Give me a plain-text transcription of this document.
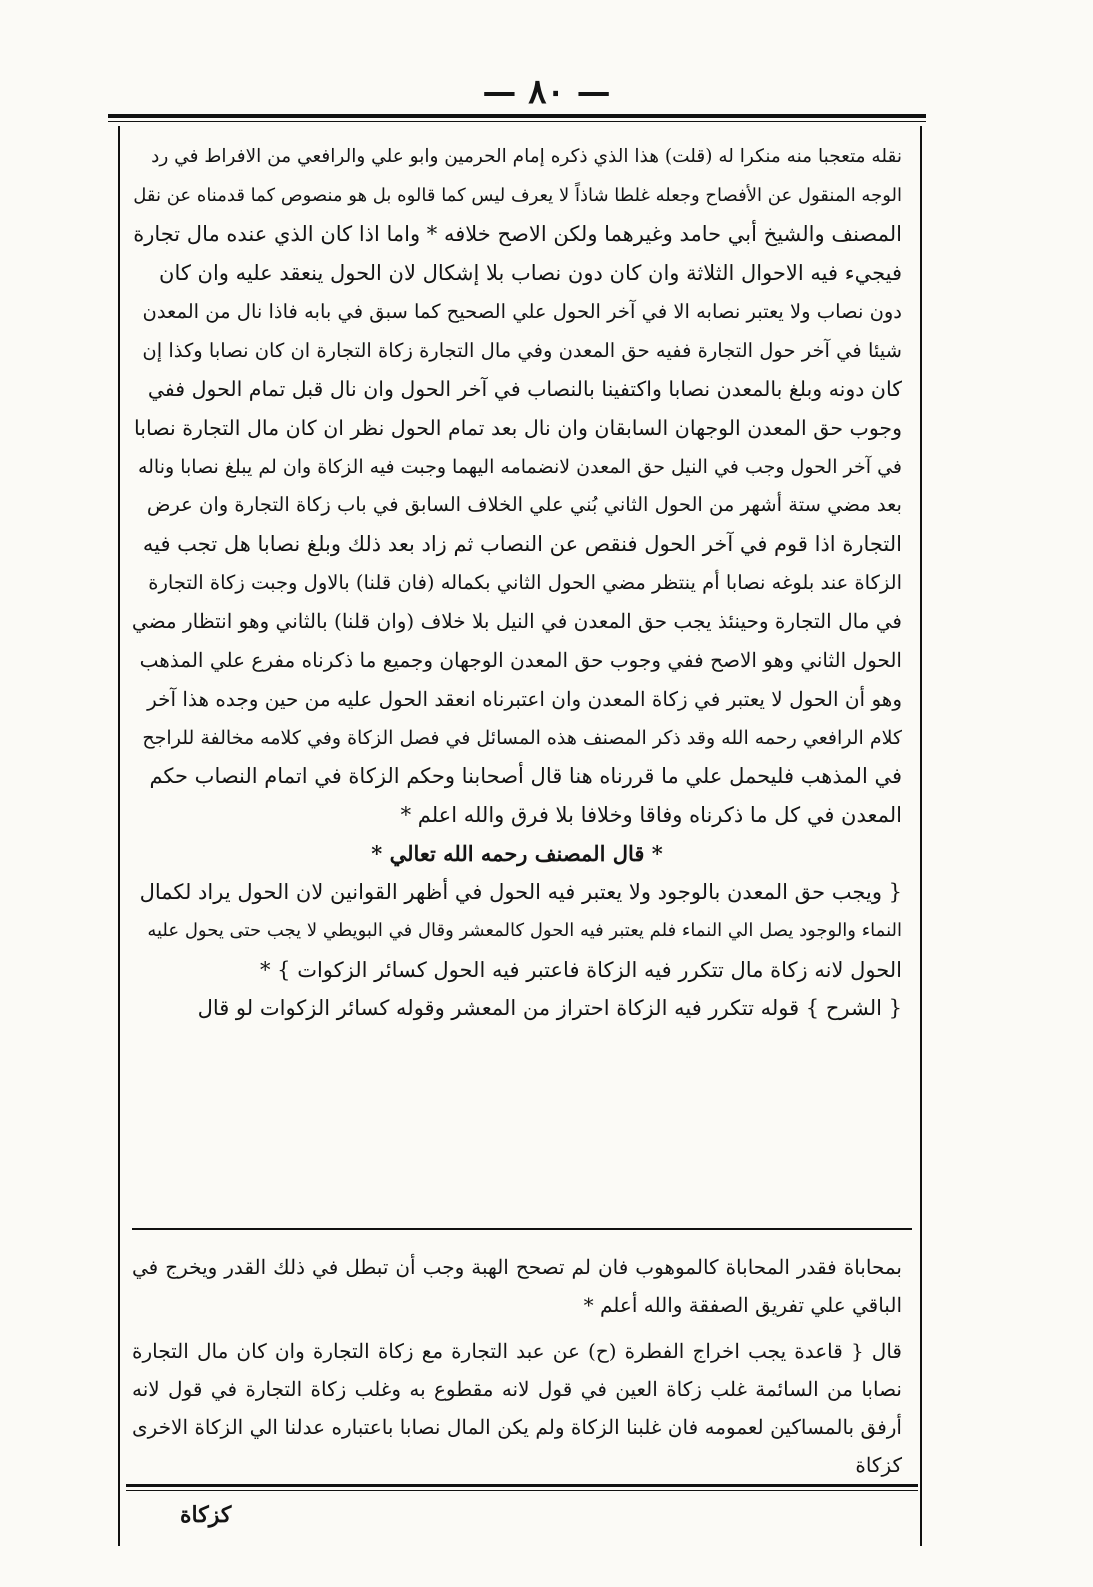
— ٨٠ —
نقله متعجبا منه منكرا له (قلت) هذا الذي ذكره إمام الحرمين وابو علي والرافعي من الافراط في رد
الوجه المنقول عن الأفصاح وجعله غلطا شاذاً لا يعرف ليس كما قالوه بل هو منصوص كما قدمناه عن نقل
المصنف والشيخ أبي حامد وغيرهما ولكن الاصح خلافه * واما اذا كان الذي عنده مال تجارة
فيجيء فيه الاحوال الثلاثة وان كان دون نصاب بلا إشكال لان الحول ينعقد عليه وان كان
دون نصاب ولا يعتبر نصابه الا في آخر الحول علي الصحيح كما سبق في بابه فاذا نال من المعدن
شيئا في آخر حول التجارة ففيه حق المعدن وفي مال التجارة زكاة التجارة ان كان نصابا وكذا إن
كان دونه وبلغ بالمعدن نصابا واكتفينا بالنصاب في آخر الحول وان نال قبل تمام الحول ففي
وجوب حق المعدن الوجهان السابقان وان نال بعد تمام الحول نظر ان كان مال التجارة نصابا
في آخر الحول وجب في النيل حق المعدن لانضمامه اليهما وجبت فيه الزكاة وان لم يبلغ نصابا وناله
بعد مضي ستة أشهر من الحول الثاني بُني علي الخلاف السابق في باب زكاة التجارة وان عرض
التجارة اذا قوم في آخر الحول فنقص عن النصاب ثم زاد بعد ذلك وبلغ نصابا هل تجب فيه
الزكاة عند بلوغه نصابا أم ينتظر مضي الحول الثاني بكماله (فان قلنا) بالاول وجبت زكاة التجارة
في مال التجارة وحينئذ يجب حق المعدن في النيل بلا خلاف (وان قلنا) بالثاني وهو انتظار مضي
الحول الثاني وهو الاصح ففي وجوب حق المعدن الوجهان وجميع ما ذكرناه مفرع علي المذهب
وهو أن الحول لا يعتبر في زكاة المعدن وان اعتبرناه انعقد الحول عليه من حين وجده هذا آخر
كلام الرافعي رحمه الله وقد ذكر المصنف هذه المسائل في فصل الزكاة وفي كلامه مخالفة للراجح
في المذهب فليحمل علي ما قررناه هنا قال أصحابنا وحكم الزكاة في اتمام النصاب حكم
المعدن في كل ما ذكرناه وفاقا وخلافا بلا فرق والله اعلم *

* قال المصنف رحمه الله تعالي *

{ ويجب حق المعدن بالوجود ولا يعتبر فيه الحول في أظهر القوانين لان الحول يراد لكمال
النماء والوجود يصل الي النماء فلم يعتبر فيه الحول كالمعشر وقال في البويطي لا يجب حتى يحول عليه
الحول لانه زكاة مال تتكرر فيه الزكاة فاعتبر فيه الحول كسائر الزكوات } *
{ الشرح } قوله تتكرر فيه الزكاة احتراز من المعشر وقوله كسائر الزكوات لو قال

بمحاباة فقدر المحاباة كالموهوب فان لم تصحح الهبة وجب أن تبطل في ذلك القدر ويخرج في الباقي علي تفريق الصفقة والله أعلم *

قال { قاعدة يجب اخراج الفطرة (ح) عن عبد التجارة مع زكاة التجارة وان كان مال التجارة نصابا من السائمة غلب زكاة العين في قول لانه مقطوع به وغلب زكاة التجارة في قول لانه أرفق بالمساكين لعمومه فان غلبنا الزكاة ولم يكن المال نصابا باعتباره عدلنا الي الزكاة الاخرى كزكاة

كزكاة
